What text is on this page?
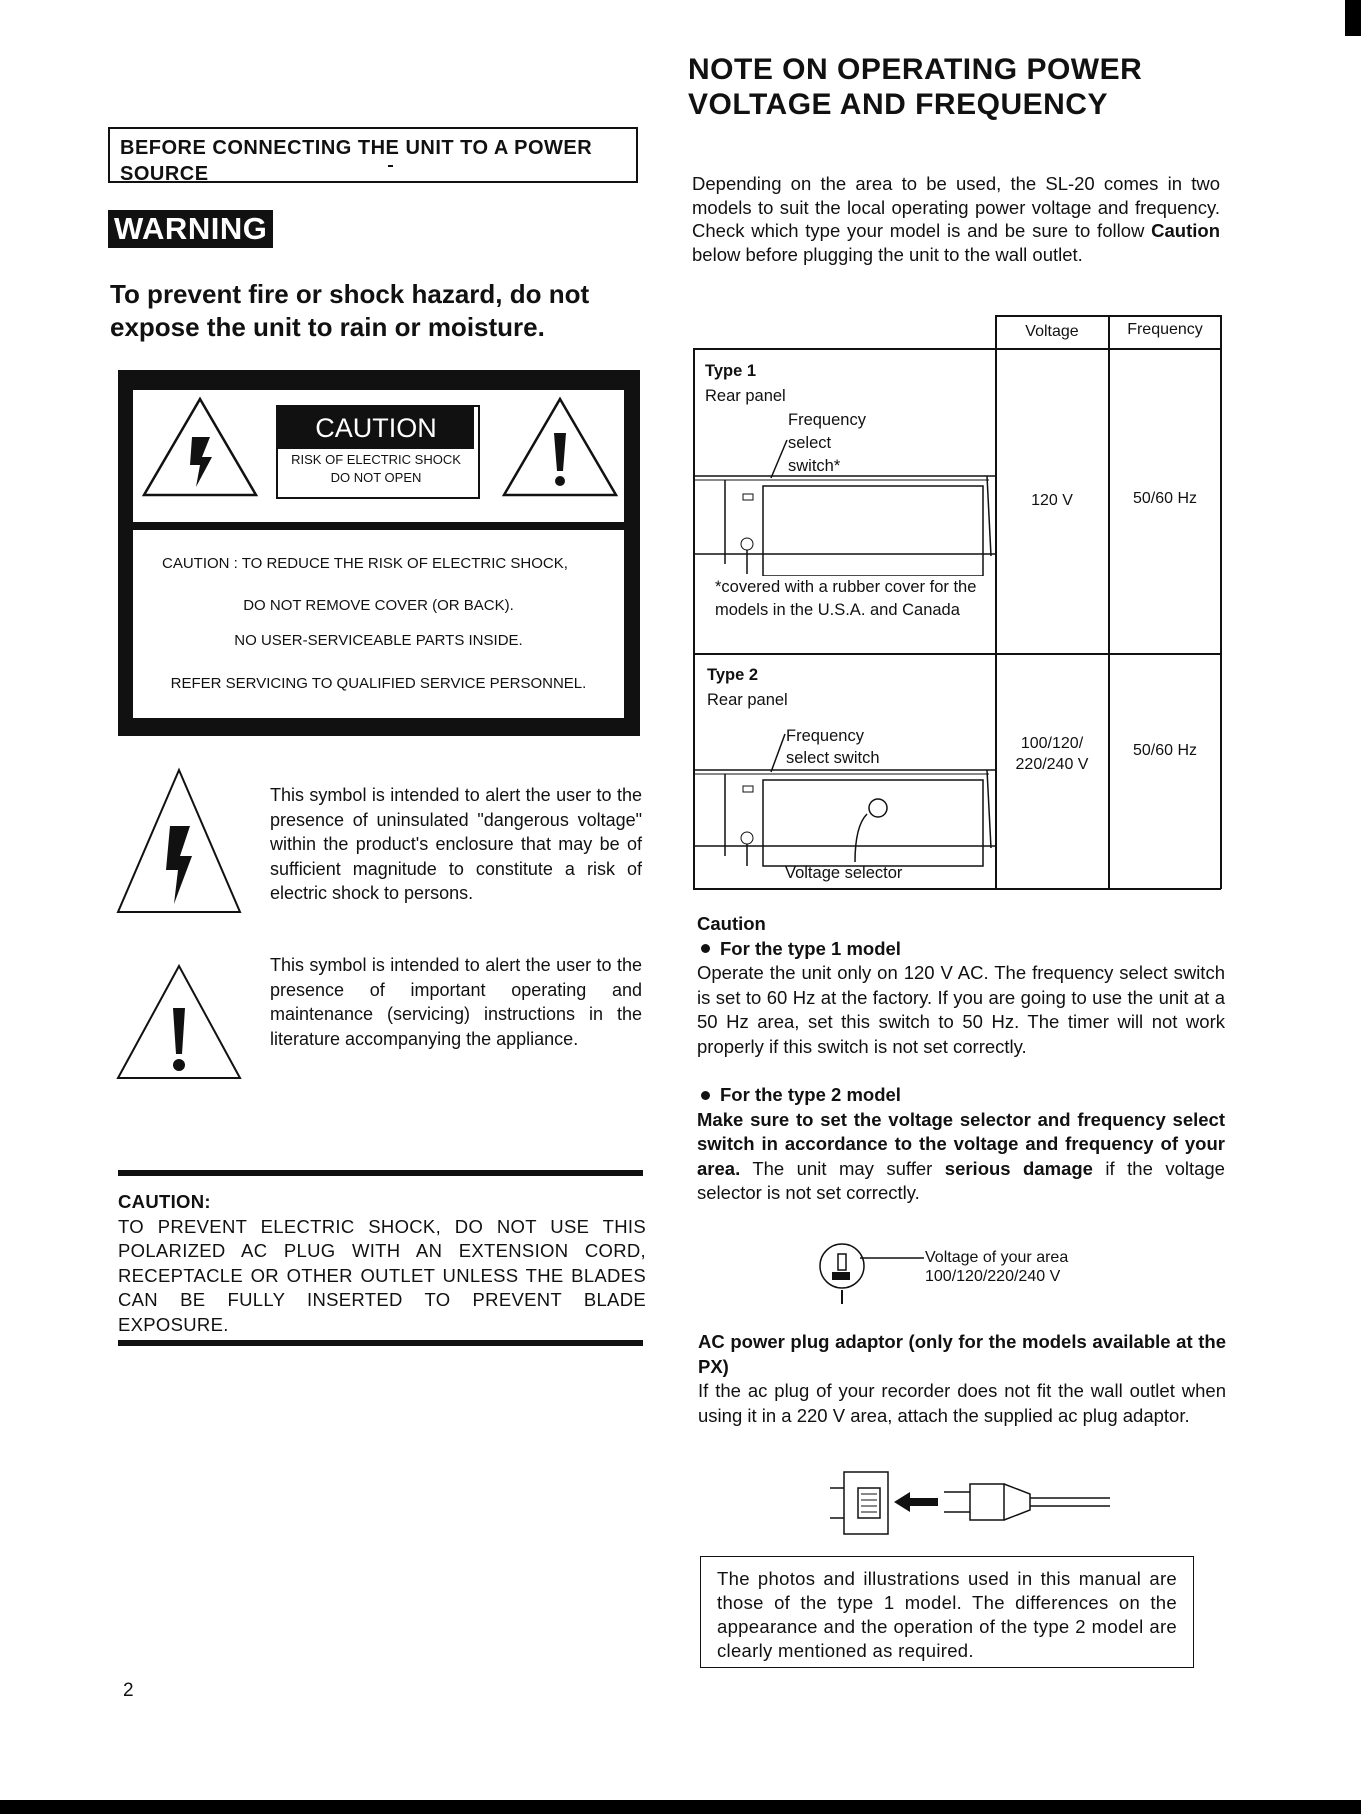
BEFORE CONNECTING THE UNIT TO A POWER SOURCE
WARNING
To prevent fire or shock hazard, do not expose the unit to rain or moisture.
CAUTION
RISK OF ELECTRIC SHOCK
DO NOT OPEN
CAUTION : TO REDUCE THE RISK OF ELECTRIC SHOCK,
DO NOT REMOVE COVER (OR BACK).
NO USER-SERVICEABLE PARTS INSIDE.
REFER SERVICING TO QUALIFIED SERVICE PERSONNEL.
This symbol is intended to alert the user to the presence of uninsulated "dangerous voltage" within the product's enclosure that may be of sufficient magnitude to constitute a risk of electric shock to persons.
This symbol is intended to alert the user to the presence of important operating and maintenance (servicing) instructions in the literature accompanying the appliance.
CAUTION:
TO PREVENT ELECTRIC SHOCK, DO NOT USE THIS POLARIZED AC PLUG WITH AN EXTENSION CORD, RECEPTACLE OR OTHER OUTLET UNLESS THE BLADES CAN BE FULLY INSERTED TO PREVENT BLADE EXPOSURE.
2
NOTE ON OPERATING POWER
VOLTAGE AND FREQUENCY
Depending on the area to be used, the SL-20 comes in two models to suit the local operating power voltage and frequency. Check which type your model is and be sure to follow Caution below before plugging the unit to the wall outlet.
Voltage	Frequency
Type 1
Rear panel
Frequency
select
switch*
*covered with a rubber cover for the models in the U.S.A. and Canada
120 V	50/60 Hz
Type 2
Rear panel
Frequency
select switch
Voltage selector
100/120/
220/240 V
50/60 Hz
Caution
For the type 1 model
Operate the unit only on 120 V AC. The frequency select switch is set to 60 Hz at the factory. If you are going to use the unit at a 50 Hz area, set this switch to 50 Hz. The timer will not work properly if this switch is not set correctly.
For the type 2 model
Make sure to set the voltage selector and frequency select switch in accordance to the voltage and frequency of your area. The unit may suffer serious damage if the voltage selector is not set correctly.
Voltage of your area
100/120/220/240 V
AC power plug adaptor (only for the models available at the PX)
If the ac plug of your recorder does not fit the wall outlet when using it in a 220 V area, attach the supplied ac plug adaptor.
The photos and illustrations used in this manual are those of the type 1 model. The differences on the appearance and the operation of the type 2 model are clearly mentioned as required.
